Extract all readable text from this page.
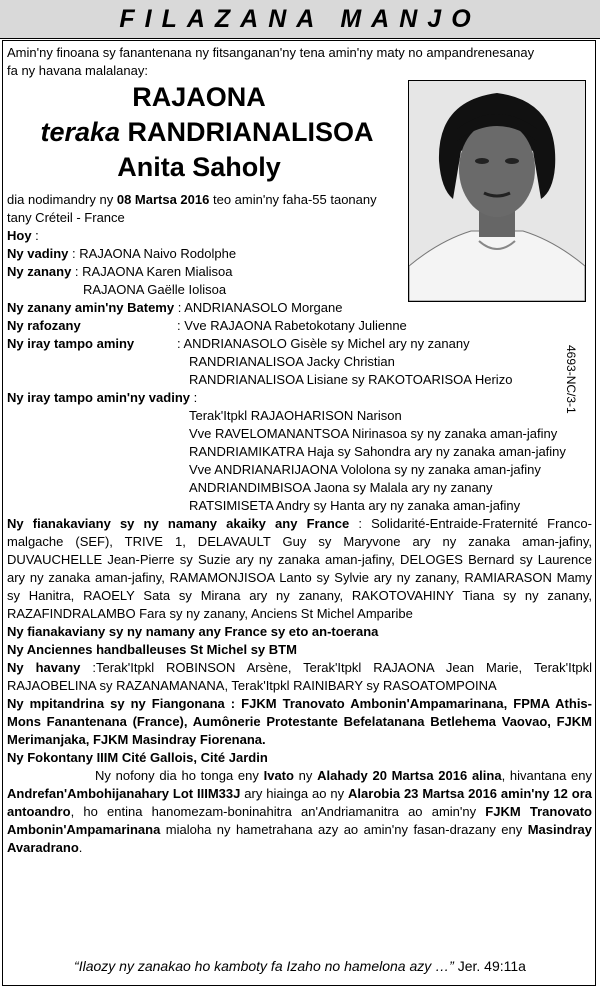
FILAZANA MANJO
4693-NC/3-1
Amin'ny finoana sy fanantenana ny fitsanganan'ny tena amin'ny maty no ampandrenesanay
fa ny havana malalanay:
RAJAONA
teraka RANDRIANALISOA
Anita Saholy
dia nodimandry ny 08 Martsa 2016 teo amin'ny faha-55 taonany
tany Créteil - France
Hoy :
Ny vadiny : RAJAONA Naivo Rodolphe
Ny zanany : RAJAONA Karen Mialisoa
RAJAONA Gaëlle Iolisoa
Ny zanany amin'ny Batemy : ANDRIANASOLO Morgane
Ny rafozany	: Vve RAJAONA Rabetokotany Julienne
Ny iray tampo aminy	: ANDRIANASOLO Gisèle sy Michel ary ny zanany
RANDRIANALISOA Jacky Christian
RANDRIANALISOA Lisiane sy RAKOTOARISOA Herizo
Ny iray tampo amin'ny vadiny :
Terak'Itpkl RAJAOHARISON Narison
Vve RAVELOMANANTSOA Nirinasoa sy ny zanaka aman-jafiny
RANDRIAMIKATRA Haja sy Sahondra ary ny zanaka aman-jafiny
Vve ANDRIANARIJAONA Vololona sy ny zanaka aman-jafiny
ANDRIANDIMBISOA Jaona sy Malala ary ny zanany
RATSIMISETA Andry sy Hanta ary ny zanaka aman-jafiny
Ny fianakaviany sy ny namany akaiky any France : Solidarité-Entraide-Fraternité Franco-malgache (SEF), TRIVE 1, DELAVAULT Guy sy Maryvone ary ny zanaka aman-jafiny, DUVAUCHELLE Jean-Pierre sy Suzie ary ny zanaka aman-jafiny, DELOGES Bernard sy Laurence ary ny zanaka aman-jafiny, RAMAMONJISOA Lanto sy Sylvie ary ny zanany, RAMIARASON Mamy sy Hanitra, RAOELY Sata sy Mirana ary ny zanany, RAKOTOVAHINY Tiana sy ny zanany, RAZAFINDRALAMBO Fara sy ny zanany, Anciens St Michel Amparibe
Ny fianakaviany sy ny namany any France sy eto an-toerana
Ny Anciennes handballeuses St Michel sy BTM
Ny havany :Terak'Itpkl ROBINSON Arsène, Terak'Itpkl RAJAONA Jean Marie, Terak'Itpkl RAJAOBELINA sy RAZANAMANANA, Terak'Itpkl RAINIBARY sy RASOATOMPOINA
Ny mpitandrina sy ny Fiangonana : FJKM Tranovato Ambonin'Ampamarinana, FPMA Athis-Mons Fanantenana (France), Aumônerie Protestante Befelatanana Betlehema Vaovao, FJKM Merimanjaka, FJKM Masindray Fiorenana.
Ny Fokontany IIIM Cité Gallois, Cité Jardin
Ny nofony dia ho tonga eny Ivato ny Alahady 20 Martsa 2016 alina, hivantana eny Andrefan'Ambohijanahary Lot IIIM33J ary hiainga ao ny Alarobia 23 Martsa 2016 amin'ny 12 ora antoandro, ho entina hanomezam-boninahitra an'Andriamanitra ao amin'ny FJKM Tranovato Ambonin'Ampamarinana mialoha ny hametrahana azy ao amin'ny fasan-drazany eny Masindray Avaradrano.
“Ilaozy ny zanakao ho kamboty fa Izaho no hamelona azy …” Jer. 49:11a
